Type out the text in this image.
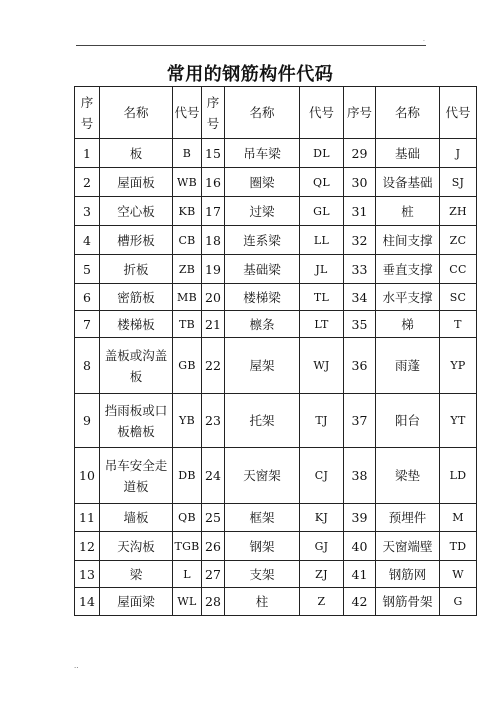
.
常用的钢筋构件代码
序号	名称	代号	序号	名称	代号	序号	名称	代号
1	板	B	15	吊车梁	DL	29	基础	J
2	屋面板	WB	16	圈梁	QL	30	设备基础	SJ
3	空心板	KB	17	过梁	GL	31	桩	ZH
4	槽形板	CB	18	连系梁	LL	32	柱间支撑	ZC
5	折板	ZB	19	基础梁	JL	33	垂直支撑	CC
6	密筋板	MB	20	楼梯梁	TL	34	水平支撑	SC
7	楼梯板	TB	21	檩条	LT	35	梯	T
8	盖板或沟盖板	GB	22	屋架	WJ	36	雨蓬	YP
9	挡雨板或口板檐板	YB	23	托架	TJ	37	阳台	YT
10	吊车安全走道板	DB	24	天窗架	CJ	38	梁垫	LD
11	墙板	QB	25	框架	KJ	39	预埋件	M
12	天沟板	TGB	26	钢架	GJ	40	天窗端壁	TD
13	梁	L	27	支架	ZJ	41	钢筋网	W
14	屋面梁	WL	28	柱	Z	42	钢筋骨架	G
..
